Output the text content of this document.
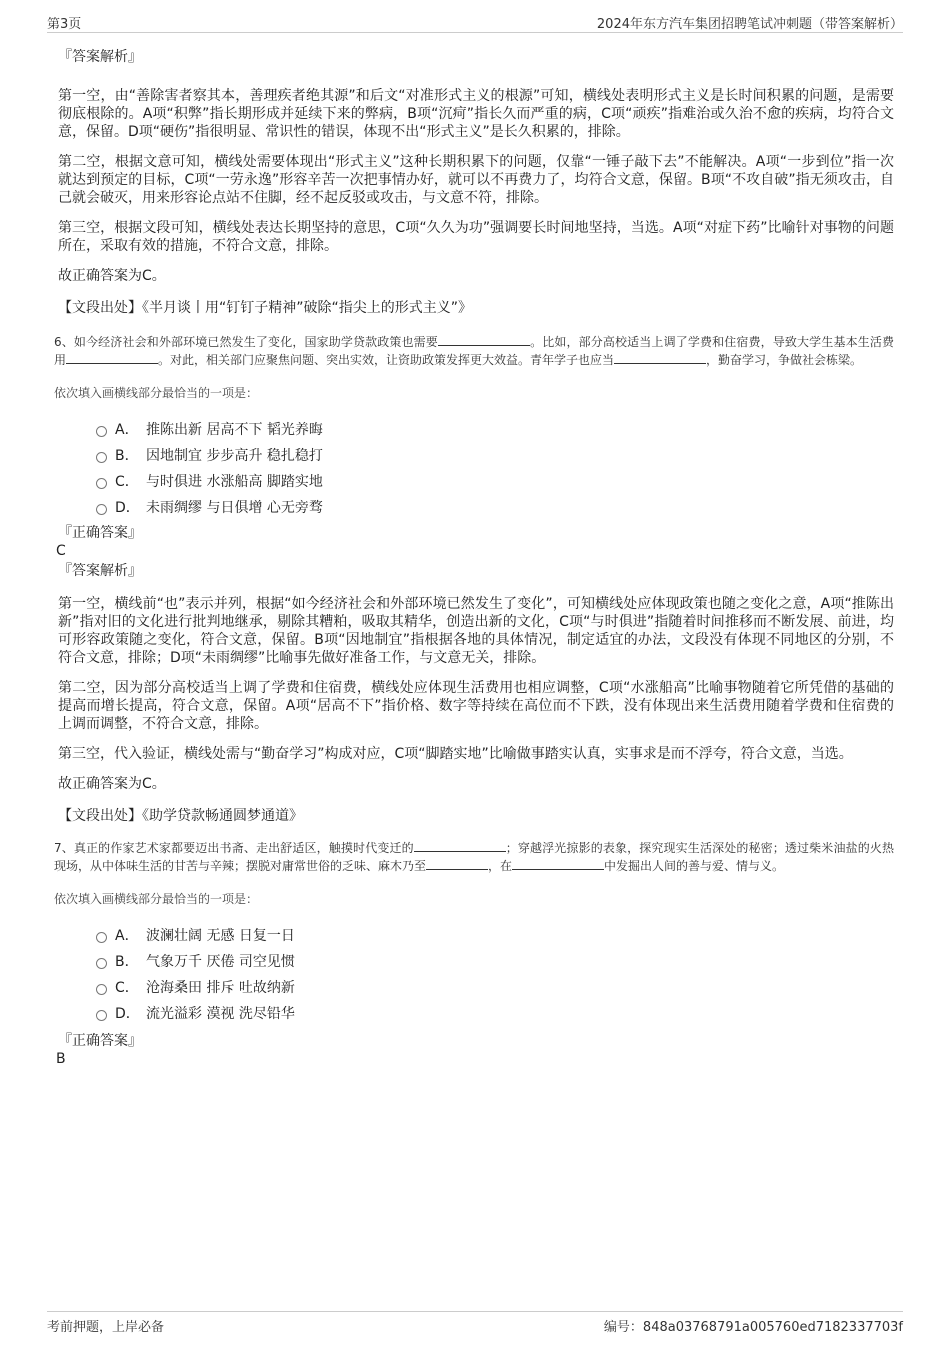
第3页	2024年东方汽车集团招聘笔试冲刺题（带答案解析）

『答案解析』

第一空，由“善除害者察其本，善理疾者绝其源”和后文“对准形式主义的根源”可知，横线处表明形式主义是长时间积累的问题，是需要彻底根除的。A项“积弊”指长期形成并延续下来的弊病，B项“沉疴”指长久而严重的病，C项“顽疾”指难治或久治不愈的疾病，均符合文意，保留。D项“硬伤”指很明显、常识性的错误，体现不出“形式主义”是长久积累的，排除。

第二空，根据文意可知，横线处需要体现出“形式主义”这种长期积累下的问题，仅靠“一锤子敲下去”不能解决。A项“一步到位”指一次就达到预定的目标，C项“一劳永逸”形容辛苦一次把事情办好，就可以不再费力了，均符合文意，保留。B项“不攻自破”指无须攻击，自己就会破灭，用来形容论点站不住脚，经不起反驳或攻击，与文意不符，排除。

第三空，根据文段可知，横线处表达长期坚持的意思，C项“久久为功”强调要长时间地坚持，当选。A项“对症下药”比喻针对事物的问题所在，采取有效的措施，不符合文意，排除。

故正确答案为C。

【文段出处】《半月谈丨用“钉钉子精神”破除“指尖上的形式主义”》

6、如今经济社会和外部环境已然发生了变化，国家助学贷款政策也需要	。比如，部分高校适当上调了学费和住宿费，导致大学生基本生活费用	。对此，相关部门应聚焦问题、突出实效，让资助政策发挥更大效益。青年学子也应当	，勤奋学习，争做社会栋梁。

依次填入画横线部分最恰当的一项是：

A． 推陈出新 居高不下 韬光养晦
B． 因地制宜 步步高升 稳扎稳打
C． 与时俱进 水涨船高 脚踏实地
D． 未雨绸缪 与日俱增 心无旁骛

『正确答案』

C

『答案解析』

第一空，横线前“也”表示并列，根据“如今经济社会和外部环境已然发生了变化”，可知横线处应体现政策也随之变化之意，A项“推陈出新”指对旧的文化进行批判地继承，剔除其糟粕，吸取其精华，创造出新的文化，C项“与时俱进”指随着时间推移而不断发展、前进，均可形容政策随之变化，符合文意，保留。B项“因地制宜”指根据各地的具体情况，制定适宜的办法，文段没有体现不同地区的分别，不符合文意，排除；D项“未雨绸缪”比喻事先做好准备工作，与文意无关，排除。

第二空，因为部分高校适当上调了学费和住宿费，横线处应体现生活费用也相应调整，C项“水涨船高”比喻事物随着它所凭借的基础的提高而增长提高，符合文意，保留。A项“居高不下”指价格、数字等持续在高位而不下跌，没有体现出来生活费用随着学费和住宿费的上调而调整，不符合文意，排除。

第三空，代入验证，横线处需与“勤奋学习”构成对应，C项“脚踏实地”比喻做事踏实认真，实事求是而不浮夸，符合文意，当选。

故正确答案为C。

【文段出处】《助学贷款畅通圆梦通道》

7、真正的作家艺术家都要迈出书斋、走出舒适区，触摸时代变迁的	；穿越浮光掠影的表象，探究现实生活深处的秘密；透过柴米油盐的火热现场，从中体味生活的甘苦与辛辣；摆脱对庸常世俗的乏味、麻木乃至	，在	中发掘出人间的善与爱、情与义。

依次填入画横线部分最恰当的一项是：

A． 波澜壮阔 无感 日复一日
B． 气象万千 厌倦 司空见惯
C． 沧海桑田 排斥 吐故纳新
D． 流光溢彩 漠视 洗尽铅华

『正确答案』

B

考前押题，上岸必备	编号：848a03768791a005760ed7182337703f
